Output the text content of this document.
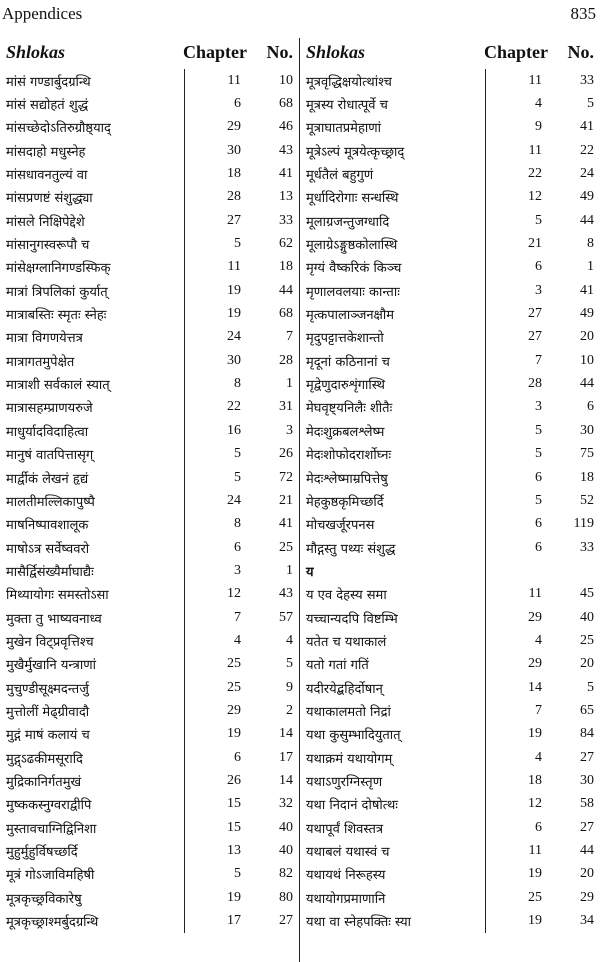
Appendices	835
Shlokas	Chapter	No.
मांसं गण्डार्बुदग्रन्थि	11	10
मांसं सद्योहतं शुद्धं	6	68
मांसच्छेदोऽतिरुग्रौष्ठ्याद्	29	46
मांसदाहो मधुस्नेह	30	43
मांसधावनतुल्यं वा	18	41
मांसप्रणष्टं संशुद्ध्या	28	13
मांसले निक्षिपेद्देशे	27	33
मांसानुगस्वरूपौ च	5	62
मांसेक्षग्लानिगण्डस्फिक्	11	18
मात्रां त्रिपलिकां कुर्यात्	19	44
मात्राबस्तिः स्मृतः स्नेहः	19	68
मात्रा विगणयेत्तत्र	24	7
मात्रागतमुपेक्षेत	30	28
मात्राशी सर्वकालं स्यात्	8	1
मात्रासहम्प्राणयरुजे	22	31
माधुर्यादविदाहित्वा	16	3
मानुषं वातपित्तासृग्	5	26
मार्द्वीकं लेखनं हृद्यं	5	72
मालतीमल्लिकापुष्पै	24	21
माषनिष्पावशालूक	8	41
माषोऽत्र सर्वेष्ववरो	6	25
मासैर्द्विसंख्यैर्माघाद्यैः	3	1
मिथ्यायोगः समस्तोऽसा	12	43
मुक्ता तु भाष्यवनाध्व	7	57
मुखेन विट्प्रवृत्तिश्च	4	4
मुखैर्मुखानि यन्त्राणां	25	5
मुचुण्डीसूक्ष्मदन्तर्जु	25	9
मुत्तोलीं मेढ्ग्रीवादौ	29	2
मुद्गं माषं कलायं च	19	14
मुद्ग्ऽढकीमसूरादि	6	17
मुद्रिकानिर्गतमुखं	26	14
मुष्ककस्नुग्वराद्वीपि	15	32
मुस्तावचाग्निद्विनिशा	15	40
मुहुर्मुहुर्विषच्छर्दि	13	40
मूत्रं गोऽजाविमहिषी	5	82
मूत्रकृच्छ्रविकारेषु	19	80
मूत्रकृच्छ्राश्मर्बुदग्रन्थि	17	27
Shlokas	Chapter	No.
मूत्रवृद्धिक्षयोत्थांश्च	11	33
मूत्रस्य रोधात्पूर्वे च	4	5
मूत्राघातप्रमेहाणां	9	41
मूत्रेऽल्पं मूत्रयेत्कृच्छ्राद्	11	22
मूर्धतैलं बहुगुणं	22	24
मूर्धादिरोगाः सन्धस्थि	12	49
मूलाग्रजन्तुजग्धादि	5	44
मूलाग्रेऽङ्गुष्ठकोलास्थि	21	8
मृग्यं वैष्करिकं किञ्च	6	1
मृणालवलयाः कान्ताः	3	41
मृत्कपालाञ्जनक्षौम	27	49
मृदुपट्टात्तकेशान्तो	27	20
मृदूनां कठिनानां च	7	10
मृद्वेणुदारुशृंगास्थि	28	44
मेघवृष्ट्यनिलैः शीतैः	3	6
मेदःशुक्रबलश्लेष्म	5	30
मेदःशोफोदरार्शोघ्नः	5	75
मेदःश्लेष्माम्रपित्तेषु	6	18
मेहकुष्ठकृमिच्छर्दि	5	52
मोचखर्जूरपनस	6	119
मौद्गस्तु पथ्यः संशुद्ध	6	33
य
य एव देहस्य समा	11	45
यच्चान्यदपि विष्टम्भि	29	40
यतेत च यथाकालं	4	25
यतो गतां गतिं	29	20
यदीरयेद्बहिर्दोषान्	14	5
यथाकालमतो निद्रां	7	65
यथा कुसुम्भादियुतात्	19	84
यथाक्रमं यथायोगम्	4	27
यथाऽणुरग्निस्तृण	18	30
यथा निदानं दोषोत्थः	12	58
यथापूर्वं शिवस्तत्र	6	27
यथाबलं यथास्वं च	11	44
यथायथं निरूहस्य	19	20
यथायोगप्रमाणानि	25	29
यथा वा स्नेहपक्तिः स्या	19	34
